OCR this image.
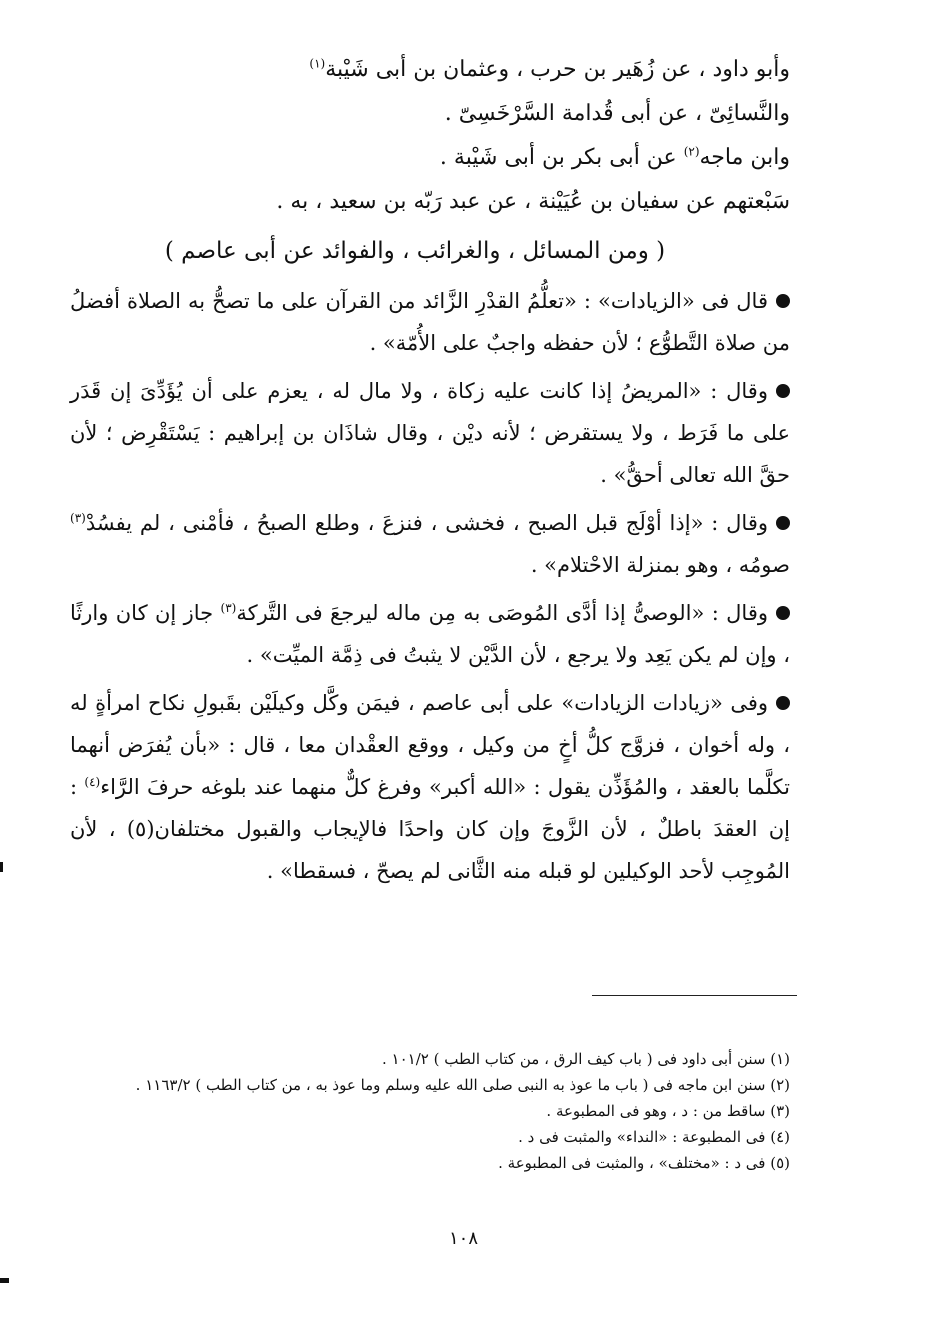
وأبو داود ، عن زُهَير بن حرب ، وعثمان بن أبى شَيْبة$^{(١)}$
والنَّسائِىّ ، عن أبى قُدامة السَّرْخَسِىّ .
وابن ماجه$^{(٢)}$ عن أبى بكر بن أبى شَيْبة .
سَبْعتهم عن سفيان بن عُيَيْنة ، عن عبد رَبّه بن سعيد ، به .
( ومن المسائل ، والغرائب ، والفوائد عن أبى عاصم )

قال فى «الزيادات» : «تعلُّمُ القدْرِ الزَّائد من القرآن على ما تصحُّ به الصلاة أفضلُ من صلاة التَّطوُّع ؛ لأن حفظه واجبٌ على الأُمّة» .

وقال : «المريضُ إذا كانت عليه زكاة ، ولا مال له ، يعزم على أن يُؤَدِّىَ إن قَدَر على ما فَرَط ، ولا يستقرض ؛ لأنه ديْن ، وقال شاذَان بن إبراهيم : يَسْتَقْرِض ؛ لأن حقَّ الله تعالى أحقُّ» .

وقال : «إذا أوْلَج قبل الصبح ، فخشى ، فنزعَ ، وطلع الصبحُ ، فأمْنى ، لم يفسُدْ$^{(٣)}$ صومُه ، وهو بمنزلة الاحْتلام» .

وقال : «الوصىُّ إذا أدَّى المُوصَى به مِن ماله ليرجعَ فى التَّركة$^{(٣)}$ جاز إن كان وارثًا ، وإن لم يكن يَعِد ولا يرجع ، لأن الدَّيْن لا يثبتُ فى ذِمَّة الميِّت» .

وفى «زيادات الزيادات» على أبى عاصم ، فيمَن وكَّل وكيلَيْن بقَبولِ نكاح امرأةٍ له ، وله أخوان ، فزوَّج كلُّ أخٍ من وكيل ، ووقع العقْدان معا ، قال : «بأن يُفرَض أنهما تكلَّما بالعقد ، والمُؤَذِّن يقول : «الله أكبر» وفرغ كلٌّ منهما عند بلوغه حرفَ الرَّاء$^{(٤)}$ : إن العقدَ باطلٌ ، لأن الزَّوجَ وإن كان واحدًا فالإيجاب والقبول مختلفان(٥) ، لأن المُوجِب لأحد الوكيلين لو قبله منه الثَّانى لم يصحّ ، فسقطا» .

(١) سنن أبى داود فى ( باب كيف الرق ، من كتاب الطب ) ١٠١/٢ .
(٢) سنن ابن ماجه فى ( باب ما عوذ به النبى صلى الله عليه وسلم وما عوذ به ، من كتاب الطب ) ١١٦٣/٢ .
(٣) ساقط من : د ، وهو فى المطبوعة .
(٤) فى المطبوعة : «النداء» والمثبت فى د .
(٥) فى د : «مختلف» ، والمثبت فى المطبوعة .
١٠٨
